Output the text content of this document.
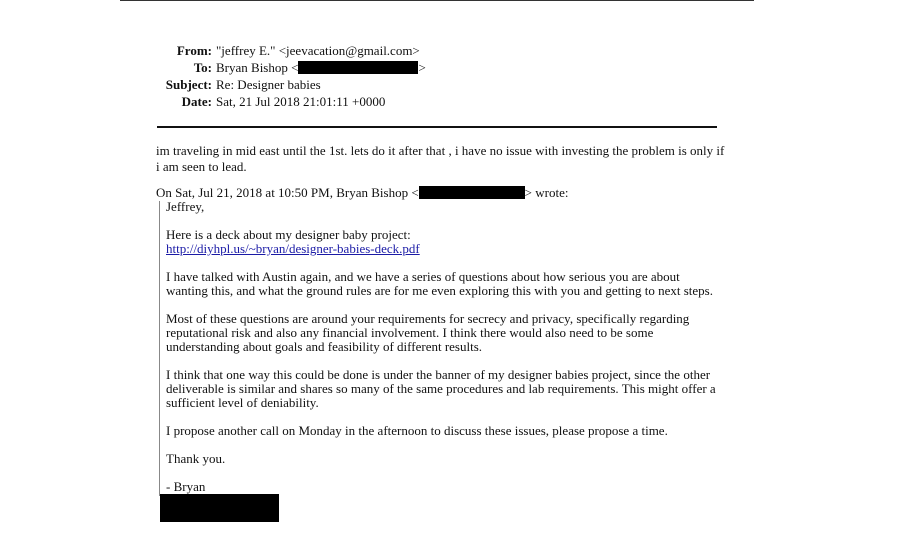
From: "jeffrey E." <jeevacation@gmail.com>
To: Bryan Bishop <	>
Subject: Re: Designer babies
Date: Sat, 21 Jul 2018 21:01:11 +0000
im traveling in mid east until the 1st. lets do it after that , i have no issue with investing the problem is only if i am seen to lead.
On Sat, Jul 21, 2018 at 10:50 PM, Bryan Bishop <	> wrote:

Jeffrey,

Here is a deck about my designer baby project:
http://diyhpl.us/~bryan/designer-babies-deck.pdf

I have talked with Austin again, and we have a series of questions about how serious you are about wanting this, and what the ground rules are for me even exploring this with you and getting to next steps.

Most of these questions are around your requirements for secrecy and privacy, specifically regarding reputational risk and also any financial involvement. I think there would also need to be some understanding about goals and feasibility of different results.

I think that one way this could be done is under the banner of my designer babies project, since the other deliverable is similar and shares so many of the same procedures and lab requirements. This might offer a sufficient level of deniability.

I propose another call on Monday in the afternoon to discuss these issues, please propose a time.

Thank you.

- Bryan
